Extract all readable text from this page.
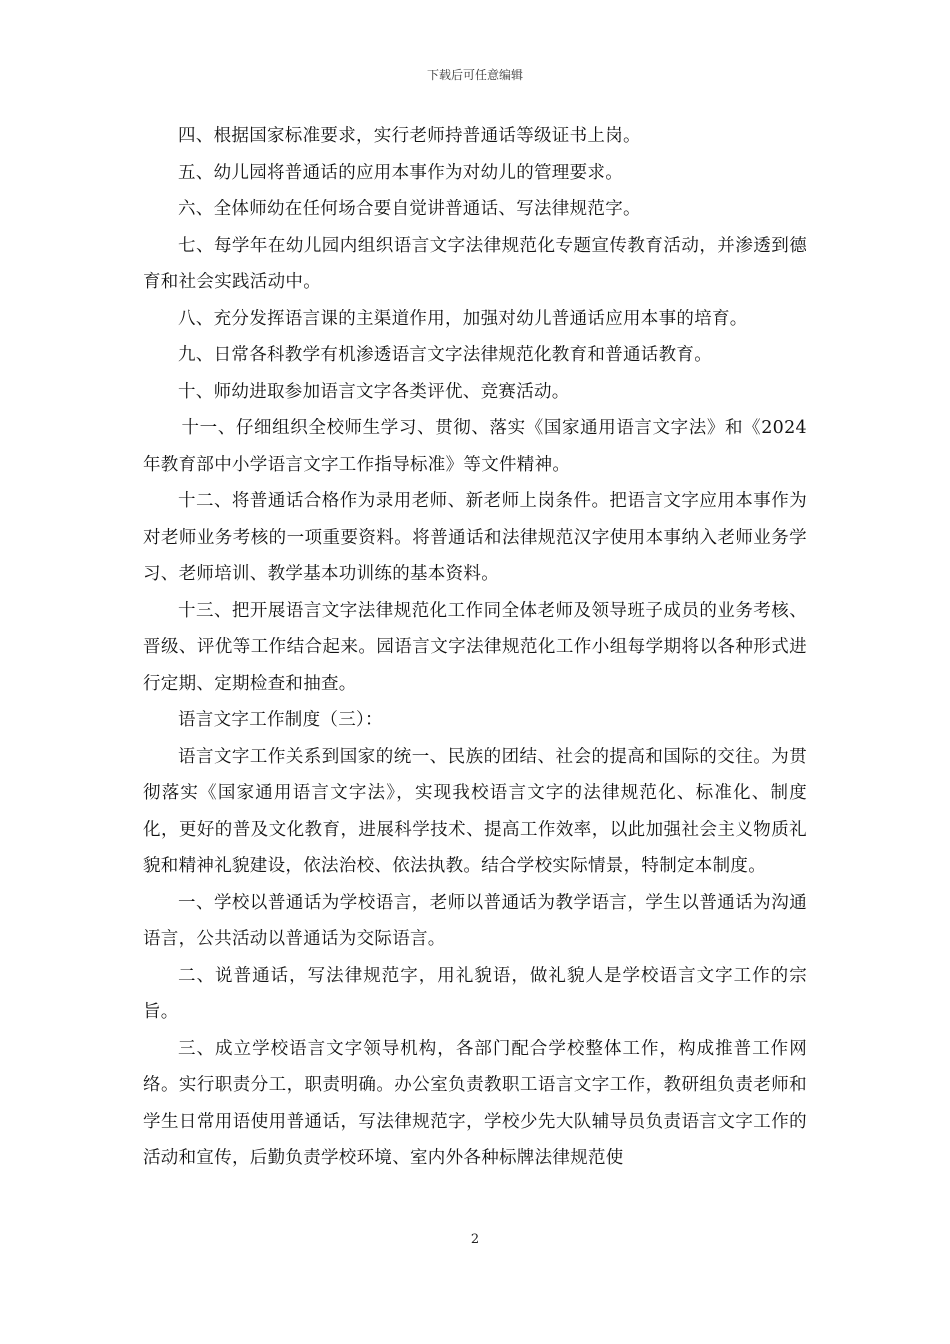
下载后可任意编辑

四、根据国家标准要求，实行老师持普通话等级证书上岗。

五、幼儿园将普通话的应用本事作为对幼儿的管理要求。

六、全体师幼在任何场合要自觉讲普通话、写法律规范字。

七、每学年在幼儿园内组织语言文字法律规范化专题宣传教育活动，并渗透到德育和社会实践活动中。

八、充分发挥语言课的主渠道作用，加强对幼儿普通话应用本事的培育。

九、日常各科教学有机渗透语言文字法律规范化教育和普通话教育。

十、师幼进取参加语言文字各类评优、竞赛活动。

十一、仔细组织全校师生学习、贯彻、落实《国家通用语言文字法》和《2024年教育部中小学语言文字工作指导标准》等文件精神。

十二、将普通话合格作为录用老师、新老师上岗条件。把语言文字应用本事作为对老师业务考核的一项重要资料。将普通话和法律规范汉字使用本事纳入老师业务学习、老师培训、教学基本功训练的基本资料。

十三、把开展语言文字法律规范化工作同全体老师及领导班子成员的业务考核、晋级、评优等工作结合起来。园语言文字法律规范化工作小组每学期将以各种形式进行定期、定期检查和抽查。

语言文字工作制度（三）：

语言文字工作关系到国家的统一、民族的团结、社会的提高和国际的交往。为贯彻落实《国家通用语言文字法》，实现我校语言文字的法律规范化、标准化、制度化，更好的普及文化教育，进展科学技术、提高工作效率，以此加强社会主义物质礼貌和精神礼貌建设，依法治校、依法执教。结合学校实际情景，特制定本制度。

一、学校以普通话为学校语言，老师以普通话为教学语言，学生以普通话为沟通语言，公共活动以普通话为交际语言。

二、说普通话，写法律规范字，用礼貌语，做礼貌人是学校语言文字工作的宗旨。

三、成立学校语言文字领导机构，各部门配合学校整体工作，构成推普工作网络。实行职责分工，职责明确。办公室负责教职工语言文字工作，教研组负责老师和学生日常用语使用普通话，写法律规范字，学校少先大队辅导员负责语言文字工作的活动和宣传，后勤负责学校环境、室内外各种标牌法律规范使

2
